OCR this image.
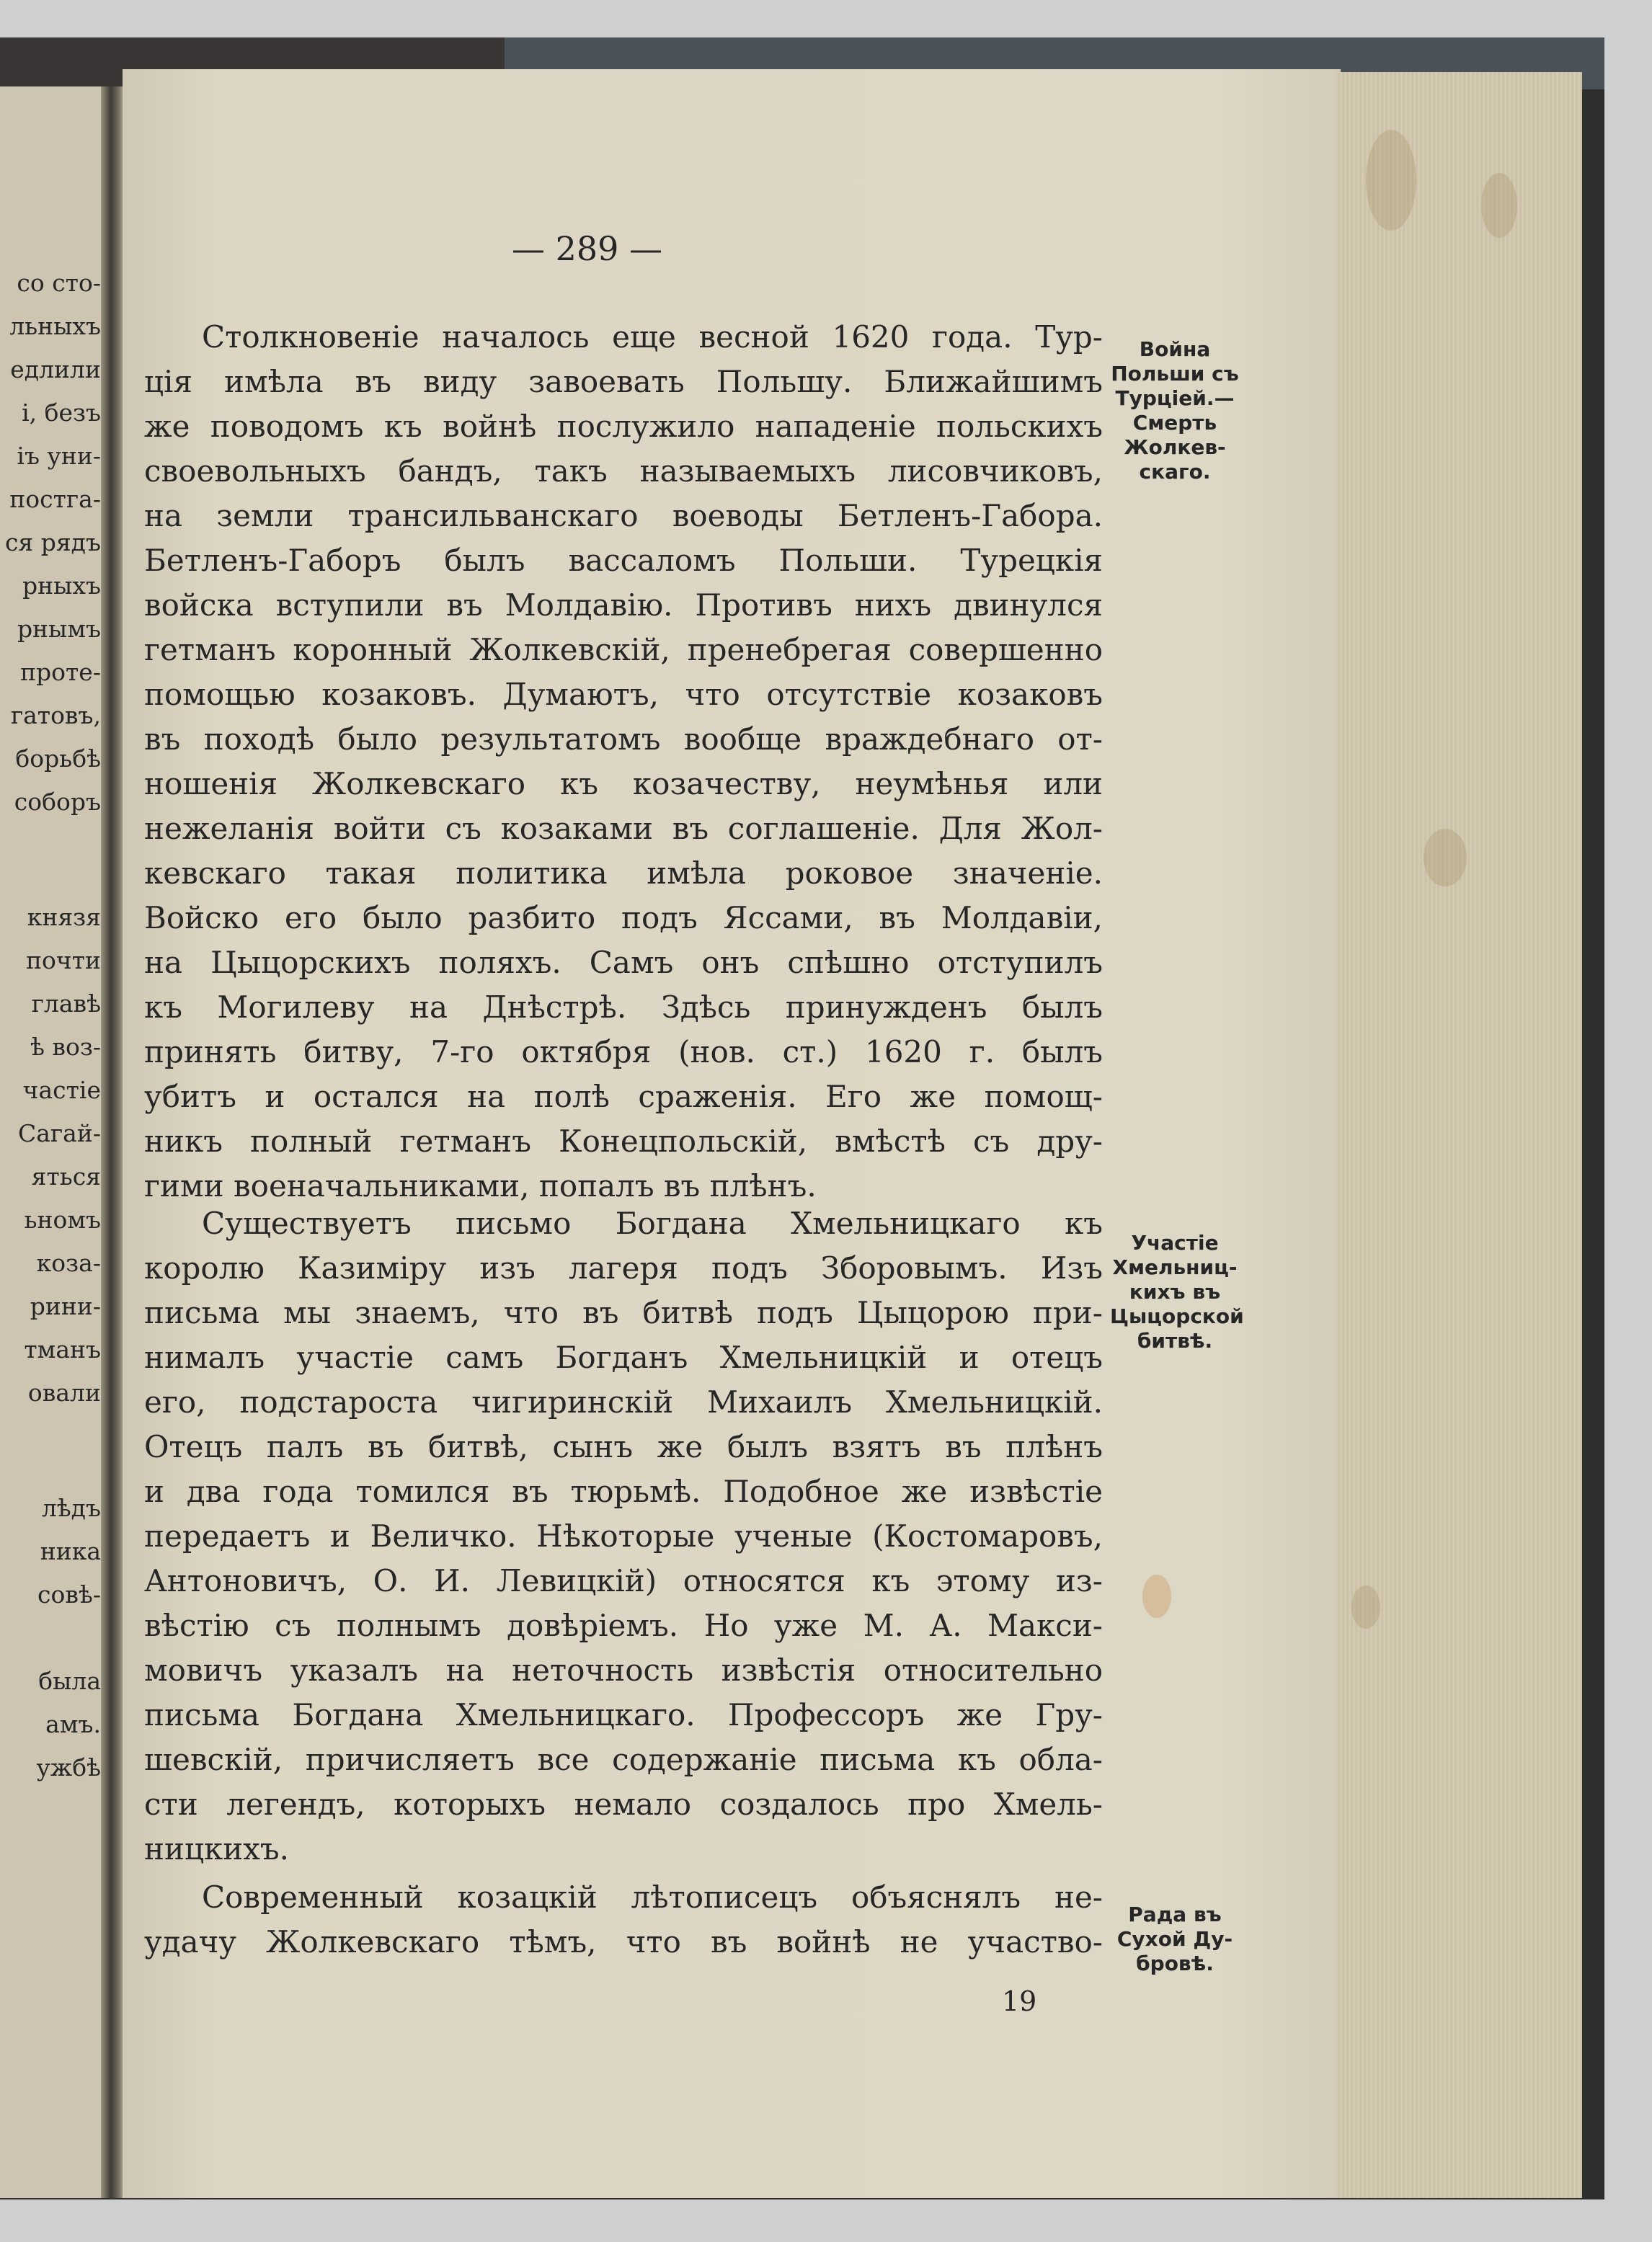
со сто-
льныхъ
едлили
і, безъ
іъ уни-
постга-
ся рядъ
рныхъ
рнымъ
проте-
гатовъ,
борьбѣ
соборъ
князя
почти
главѣ
ѣ воз-
частіе
Сагай-
яться
ьномъ
коза-
рини-
тманъ
овали
лѣдъ
ника
совѣ-
была
амъ.
ужбѣ
— 289 —
Столкновеніе началось еще весной 1620 года. Тур-
ція имѣла въ виду завоевать Польшу. Ближайшимъ
же поводомъ къ войнѣ послужило нападеніе польскихъ
своевольныхъ бандъ, такъ называемыхъ лисовчиковъ,
на земли трансильванскаго воеводы Бетленъ-Габора.
Бетленъ-Габоръ былъ вассаломъ Польши. Турецкія
войска вступили въ Молдавію. Противъ нихъ двинулся
гетманъ коронный Жолкевскій, пренебрегая совершенно
помощью козаковъ. Думаютъ, что отсутствіе козаковъ
въ походѣ было результатомъ вообще враждебнаго от-
ношенія Жолкевскаго къ козачеству, неумѣнья или
нежеланія войти съ козаками въ соглашеніе. Для Жол-
кевскаго такая политика имѣла роковое значеніе.
Войско его было разбито подъ Яссами, въ Молдавіи,
на Цыцорскихъ поляхъ. Самъ онъ спѣшно отступилъ
къ Могилеву на Днѣстрѣ. Здѣсь принужденъ былъ
принять битву, 7-го октября (нов. ст.) 1620 г. былъ
убитъ и остался на полѣ сраженія. Его же помощ-
никъ полный гетманъ Конецпольскій, вмѣстѣ съ дру-
гими военачальниками, попалъ въ плѣнъ.
Существуетъ письмо Богдана Хмельницкаго къ
королю Казиміру изъ лагеря подъ Зборовымъ. Изъ
письма мы знаемъ, что въ битвѣ подъ Цыцорою при-
нималъ участіе самъ Богданъ Хмельницкій и отецъ
его, подстароста чигиринскій Михаилъ Хмельницкій.
Отецъ палъ въ битвѣ, сынъ же былъ взятъ въ плѣнъ
и два года томился въ тюрьмѣ. Подобное же извѣстіе
передаетъ и Величко. Нѣкоторые ученые (Костомаровъ,
Антоновичъ, О. И. Левицкій) относятся къ этому из-
вѣстію съ полнымъ довѣріемъ. Но уже М. А. Макси-
мовичъ указалъ на неточность извѣстія относительно
письма Богдана Хмельницкаго. Профессоръ же Гру-
шевскій, причисляетъ все содержаніе письма къ обла-
сти легендъ, которыхъ немало создалось про Хмель-
ницкихъ.
Современный козацкій лѣтописецъ объяснялъ не-
удачу Жолкевскаго тѣмъ, что въ войнѣ не участво-
Война
Польши съ
Турціей.—
Смерть
Жолкев-
скаго.
Участіе
Хмельниц-
кихъ въ
Цыцорской
битвѣ.
Рада въ
Сухой Ду-
бровѣ.
19
